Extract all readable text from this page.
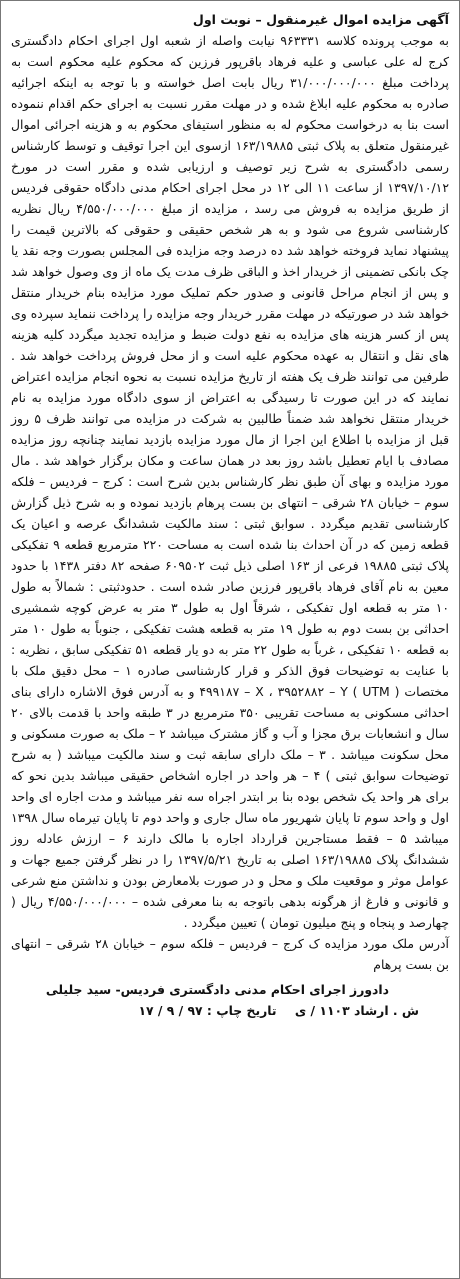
آگهی مزایده اموال غیرمنقول – نوبت اول

به موجب پرونده کلاسه ۹۶۳۳۳۱ نیابت واصله از شعبه اول اجرای احکام دادگستری کرج له علی عباسی و علیه فرهاد باقرپور فرزین که محکوم علیه محکوم است به پرداخت مبلغ ۳۱/۰۰۰/۰۰۰/۰۰۰ ریال بابت اصل خواسته و با توجه به اینکه اجرائیه صادره به محکوم علیه ابلاغ شده و در مهلت مقرر نسبت به اجرای حکم اقدام ننموده است بنا به درخواست محکوم له به منظور استیفای محکوم به و هزینه اجرائی اموال غیرمنقول متعلق به پلاک ثبتی ۱۶۳/۱۹۸۸۵ ازسوی این اجرا توقیف و توسط کارشناس رسمی دادگستری به شرح زیر توصیف و ارزیابی شده و مقرر است در مورخ ۱۳۹۷/۱۰/۱۲ از ساعت ۱۱ الی ۱۲ در محل اجرای احکام مدنی دادگاه حقوقی فردیس از طریق مزایده به فروش می رسد ، مزایده از مبلغ ۴/۵۵۰/۰۰۰/۰۰۰ ریال نظریه کارشناسی شروع می شود و به هر شخص حقیقی و حقوقی که بالاترین قیمت را پیشنهاد نماید فروخته خواهد شد ده درصد وجه مزایده فی المجلس بصورت وجه نقد یا چک بانکی تضمینی از خریدار اخذ و الباقی ظرف مدت یک ماه از وی وصول خواهد شد و پس از انجام مراحل قانونی و صدور حکم تملیک مورد مزایده بنام خریدار منتقل خواهد شد در صورتیکه در مهلت مقرر خریدار وجه مزایده را پرداخت ننماید سپرده وی پس از کسر هزینه های مزایده به نفع دولت ضبط و مزایده تجدید میگردد کلیه هزینه های نقل و انتقال به عهده محکوم علیه است و از محل فروش پرداخت خواهد شد . طرفین می توانند ظرف یک هفته از تاریخ مزایده نسبت به نحوه انجام مزایده اعتراض نمایند که در این صورت تا رسیدگی به اعتراض از سوی دادگاه مورد مزایده به نام خریدار منتقل نخواهد شد ضمناً طالبین به شرکت در مزایده می توانند ظرف ۵ روز قبل از مزایده با اطلاع این اجرا از مال مورد مزایده بازدید نمایند چنانچه روز مزایده مصادف با ایام تعطیل باشد روز بعد در همان ساعت و مکان برگزار خواهد شد . مال مورد مزایده و بهای آن طبق نظر کارشناس بدین شرح است : کرج – فردیس – فلکه سوم – خیابان ۲۸ شرقی – انتهای بن بست پرهام بازدید نموده و به شرح ذیل گزارش کارشناسی تقدیم میگردد . سوابق ثبتی : سند مالکیت ششدانگ عرصه و اعیان یک قطعه زمین که در آن احداث بنا شده است به مساحت ۲۲۰ مترمربع قطعه ۹ تفکیکی پلاک ثبتی ۱۹۸۸۵ فرعی از ۱۶۳ اصلی ذیل ثبت ۶۰۹۵۰۲ صفحه ۸۲ دفتر ۱۴۳۸ با حدود معین به نام آقای فرهاد باقرپور فرزین صادر شده است . حدودثبتی : شمالاً به طول ۱۰ متر به قطعه اول تفکیکی ، شرقاً اول به طول ۳ متر به عرض کوچه شمشیری احداثی بن بست دوم به طول ۱۹ متر به قطعه هشت تفکیکی ، جنوباً به طول ۱۰ متر به قطعه ۱۰ تفکیکی ، غرباً به طول ۲۲ متر به دو یار قطعه ۵۱ تفکیکی سابق ، نظریه : با عنایت به توضیحات فوق الذکر و قرار کارشناسی صادره ۱ – محل دقیق ملک با مختصات ( UTM ) ۴۹۹۱۸۷ – X ، ۳۹۵۲۸۸۲ – Y و به آدرس فوق الاشاره دارای بنای احداثی مسکونی به مساحت تقریبی ۳۵۰ مترمربع در ۳ طبقه واحد با قدمت بالای ۲۰ سال و انشعابات برق مجزا و آب و گاز مشترک میباشد ۲ – ملک به صورت مسکونی و محل سکونت میباشد . ۳ – ملک دارای سابقه ثبت و سند مالکیت میباشد ( به شرح توضیحات سوابق ثبتی ) ۴ – هر واحد در اجاره اشخاص حقیقی میباشد بدین نحو که برای هر واحد یک شخص بوده بنا بر ابتدر اجراه سه نفر میباشد و مدت اجاره ای واحد اول و واحد سوم تا پایان شهریور ماه سال جاری و واحد دوم تا پایان تیرماه سال ۱۳۹۸ میباشد ۵ – فقط مستاجرین قرارداد اجاره با مالک دارند ۶ – ارزش عادله روز ششدانگ پلاک ۱۶۳/۱۹۸۸۵ اصلی به تاریخ ۱۳۹۷/۵/۲۱ را در نظر گرفتن جمیع جهات و عوامل موثر و موقعیت ملک و محل و در صورت بلامعارض بودن و نداشتن منع شرعی و قانونی و فارغ از هرگونه بدهی باتوجه به بنا معرفی شده – ۴/۵۵۰/۰۰۰/۰۰۰ ریال ( چهارصد و پنجاه و پنج میلیون تومان ) تعیین میگردد .

آدرس ملک مورد مزایده ک کرج – فردیس – فلکه سوم – خیابان ۲۸ شرقی – انتهای بن بست پرهام

دادورز اجرای احکام مدنی دادگستری فردیس- سید جلیلی

ش . ارشاد ۱۱۰۳ / ی تاریخ چاپ : ۹۷ / ۹ / ۱۷
